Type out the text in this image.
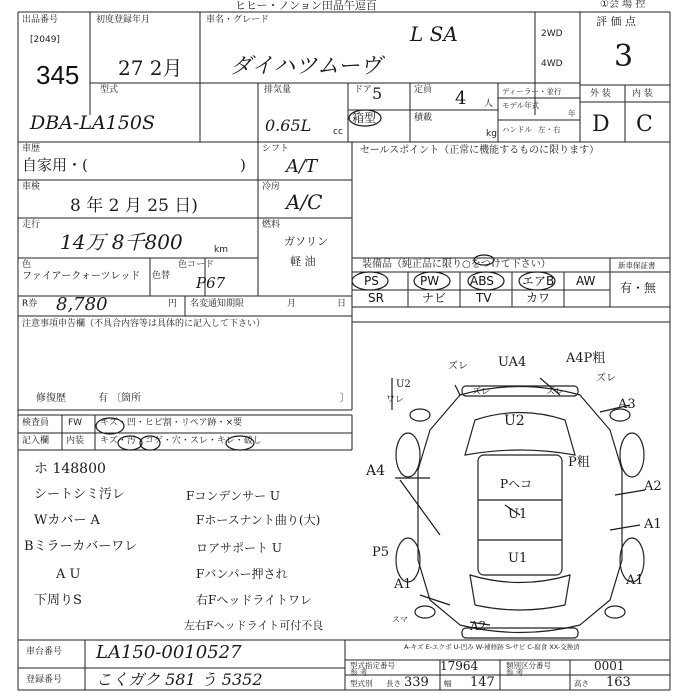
ヒヒー・ノンョン田品午逗百	①会 場 控
出品番号
[2049]
345
初度登録年月
27 2月
車名・グレード
L SA
ダイハツムーヴ
2WD
4WD
評 価 点
3
型式
DBA-LA150S
排気量
0.65L cc
ドア 5
箱型
定員 4 人
積載
kg
ディーラー・並行
モデル年式
年
ハンドル 左・右
外 装 内 装
D C
車歴
自家用・(	)
シフト
A/T
冷房
A/C
燃料
ガソリン
軽 油
セールスポイント（正常に機能するものに限ります）
車検
8 年 2 月 25 日)
走行
14万 8千800	km
色
ファイアークォーツレッド 色替
色コード
P67
装備品（純正品に限り○をつけて下さい）
PS	PW	ABS エアB AW
SR	ナビ TV	カワ
新車保証書
有・無
R券 8,780	円 名変通知期限	月	日
注意事項申告欄（不具合内容等は具体的に記入して下さい）
修復歴	有 〔箇所	〕
検査員
記入欄
FW キズ・凹・ヒビ割・リペア跡・×要
内装 キズ・汚・コゲ・穴・スレ・キレ・破し
ホ 148800
シートシミ汚レ
Wカバー A
Bミラーカバーワレ
A U
下周りS
Fコンデンサー U
Fホースナント曲り(大)
ロアサポート U
Fバンパー押され
右Fヘッドライトワレ
左右Fヘッドライト可付不良
ズレ UA4	A4P粗
ズレ
U2
ワレ
ズレ	ズレ
A3
U2
P粗
A4
Pヘコ	A2
U1
A1
P5	U1
A1
A1
A2
スマ
車台番号 LA150-0010527
登録番号 こくガク 581 う 5352
A-キズ E-エクボ U-凹み W-補修跡 S-サビ C-腐食 XX-交換済
型式指定番号
参 考	17964	類別区分番号
参 考	0001
型式別 長さ 339 幅 147	高さ 163
